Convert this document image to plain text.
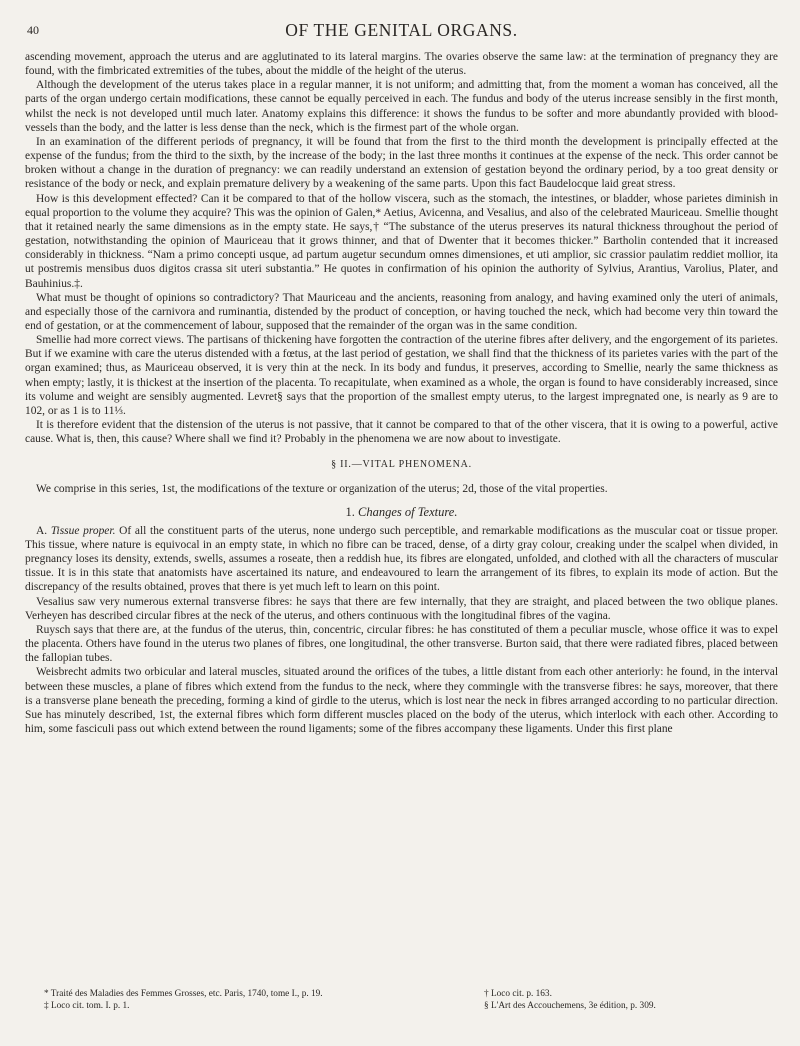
40	OF THE GENITAL ORGANS.

ascending movement, approach the uterus and are agglutinated to its lateral margins. The ovaries observe the same law: at the termination of pregnancy they are found, with the fimbricated extremities of the tubes, about the middle of the height of the uterus.

Although the development of the uterus takes place in a regular manner, it is not uniform; and admitting that, from the moment a woman has conceived, all the parts of the organ undergo certain modifications, these cannot be equally perceived in each. The fundus and body of the uterus increase sensibly in the first month, whilst the neck is not developed until much later. Anatomy explains this difference: it shows the fundus to be softer and more abundantly provided with blood-vessels than the body, and the latter is less dense than the neck, which is the firmest part of the whole organ.

In an examination of the different periods of pregnancy, it will be found that from the first to the third month the development is principally effected at the expense of the fundus; from the third to the sixth, by the increase of the body; in the last three months it continues at the expense of the neck. This order cannot be broken without a change in the duration of pregnancy: we can readily understand an extension of gestation beyond the ordinary period, by a too great density or resistance of the body or neck, and explain premature delivery by a weakening of the same parts. Upon this fact Baudelocque laid great stress.

How is this development effected? Can it be compared to that of the hollow viscera, such as the stomach, the intestines, or bladder, whose parietes diminish in equal proportion to the volume they acquire? This was the opinion of Galen,* Aetius, Avicenna, and Vesalius, and also of the celebrated Mauriceau. Smellie thought that it retained nearly the same dimensions as in the empty state. He says,† “The substance of the uterus preserves its natural thickness throughout the period of gestation, notwithstanding the opinion of Mauriceau that it grows thinner, and that of Dwenter that it becomes thicker.” Bartholin contended that it increased considerably in thickness. “Nam a primo concepti usque, ad partum augetur secundum omnes dimensiones, et uti amplior, sic crassior paulatim reddiet mollior, ita ut postremis mensibus duos digitos crassa sit uteri substantia.” He quotes in confirmation of his opinion the authority of Sylvius, Arantius, Varolius, Plater, and Bauhinius.‡.

What must be thought of opinions so contradictory? That Mauriceau and the ancients, reasoning from analogy, and having examined only the uteri of animals, and especially those of the carnivora and ruminantia, distended by the product of conception, or having touched the neck, which had become very thin toward the end of gestation, or at the commencement of labour, supposed that the remainder of the organ was in the same condition.

Smellie had more correct views. The partisans of thickening have forgotten the contraction of the uterine fibres after delivery, and the engorgement of its parietes. But if we examine with care the uterus distended with a fœtus, at the last period of gestation, we shall find that the thickness of its parietes varies with the part of the organ examined; thus, as Mauriceau observed, it is very thin at the neck. In its body and fundus, it preserves, according to Smellie, nearly the same thickness as when empty; lastly, it is thickest at the insertion of the placenta. To recapitulate, when examined as a whole, the organ is found to have considerably increased, since its volume and weight are sensibly augmented. Levret§ says that the proportion of the smallest empty uterus, to the largest impregnated one, is nearly as 9 are to 102, or as 1 is to 11⅓.

It is therefore evident that the distension of the uterus is not passive, that it cannot be compared to that of the other viscera, that it is owing to a powerful, active cause. What is, then, this cause? Where shall we find it? Probably in the phenomena we are now about to investigate.

§ II.—VITAL PHENOMENA.

We comprise in this series, 1st, the modifications of the texture or organization of the uterus; 2d, those of the vital properties.

1. Changes of Texture.

A. Tissue proper. Of all the constituent parts of the uterus, none undergo such perceptible, and remarkable modifications as the muscular coat or tissue proper. This tissue, where nature is equivocal in an empty state, in which no fibre can be traced, dense, of a dirty gray colour, creaking under the scalpel when divided, in pregnancy loses its density, extends, swells, assumes a roseate, then a reddish hue, its fibres are elongated, unfolded, and clothed with all the characters of muscular tissue. It is in this state that anatomists have ascertained its nature, and endeavoured to learn the arrangement of its fibres, to explain its mode of action. But the discrepancy of the results obtained, proves that there is yet much left to learn on this point.

Vesalius saw very numerous external transverse fibres: he says that there are few internally, that they are straight, and placed between the two oblique planes. Verheyen has described circular fibres at the neck of the uterus, and others continuous with the longitudinal fibres of the vagina.

Ruysch says that there are, at the fundus of the uterus, thin, concentric, circular fibres: he has constituted of them a peculiar muscle, whose office it was to expel the placenta. Others have found in the uterus two planes of fibres, one longitudinal, the other transverse. Burton said, that there were radiated fibres, placed between the fallopian tubes.

Weisbrecht admits two orbicular and lateral muscles, situated around the orifices of the tubes, a little distant from each other anteriorly: he found, in the interval between these muscles, a plane of fibres which extend from the fundus to the neck, where they commingle with the transverse fibres: he says, moreover, that there is a transverse plane beneath the preceding, forming a kind of girdle to the uterus, which is lost near the neck in fibres arranged according to no particular direction. Sue has minutely described, 1st, the external fibres which form different muscles placed on the body of the uterus, which interlock with each other. According to him, some fasciculi pass out which extend between the round ligaments; some of the fibres accompany these ligaments. Under this first plane

* Traité des Maladies des Femmes Grosses, etc. Paris, 1740, tome I., p. 19.	† Loco cit. p. 163.
‡ Loco cit. tom. I. p. 1.	§ L'Art des Accouchemens, 3e édition, p. 309.
